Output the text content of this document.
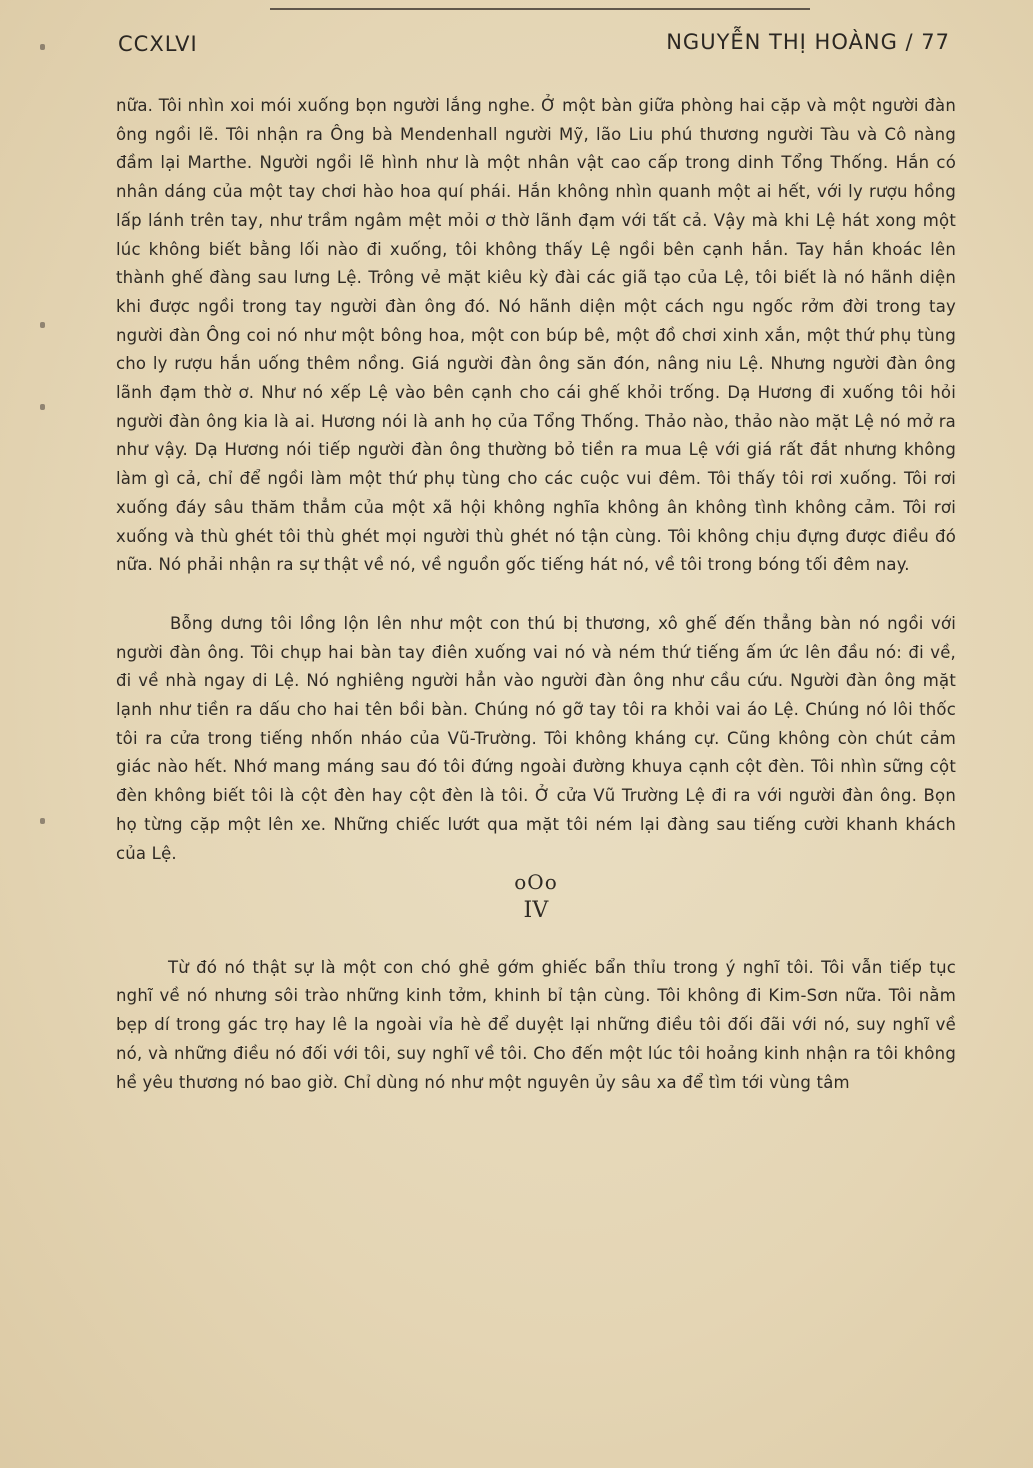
CCXLVI	NGUYỄN THỊ HOÀNG / 77

nữa. Tôi nhìn xoi mói xuống bọn người lắng nghe. Ở một bàn giữa phòng hai cặp và một người đàn ông ngồi lẽ. Tôi nhận ra Ông bà Mendenhall người Mỹ, lão Liu phú thương người Tàu và Cô nàng đầm lại Marthe. Người ngồi lẽ hình như là một nhân vật cao cấp trong dinh Tổng Thống. Hắn có nhân dáng của một tay chơi hào hoa quí phái. Hắn không nhìn quanh một ai hết, với ly rượu hồng lấp lánh trên tay, như trầm ngâm mệt mỏi ơ thờ lãnh đạm với tất cả. Vậy mà khi Lệ hát xong một lúc không biết bằng lối nào đi xuống, tôi không thấy Lệ ngồi bên cạnh hắn. Tay hắn khoác lên thành ghế đàng sau lưng Lệ. Trông vẻ mặt kiêu kỳ đài các giã tạo của Lệ, tôi biết là nó hãnh diện khi được ngồi trong tay người đàn ông đó. Nó hãnh diện một cách ngu ngốc rởm đời trong tay người đàn Ông coi nó như một bông hoa, một con búp bê, một đồ chơi xinh xắn, một thứ phụ tùng cho ly rượu hắn uống thêm nồng. Giá người đàn ông săn đón, nâng niu Lệ. Nhưng người đàn ông lãnh đạm thờ ơ. Như nó xếp Lệ vào bên cạnh cho cái ghế khỏi trống. Dạ Hương đi xuống tôi hỏi người đàn ông kia là ai. Hương nói là anh họ của Tổng Thống. Thảo nào, thảo nào mặt Lệ nó mở ra như vậy. Dạ Hương nói tiếp người đàn ông thường bỏ tiền ra mua Lệ với giá rất đắt nhưng không làm gì cả, chỉ để ngồi làm một thứ phụ tùng cho các cuộc vui đêm. Tôi thấy tôi rơi xuống. Tôi rơi xuống đáy sâu thăm thẳm của một xã hội không nghĩa không ân không tình không cảm. Tôi rơi xuống và thù ghét tôi thù ghét mọi người thù ghét nó tận cùng. Tôi không chịu đựng được điều đó nữa. Nó phải nhận ra sự thật về nó, về nguồn gốc tiếng hát nó, về tôi trong bóng tối đêm nay.

Bỗng dưng tôi lồng lộn lên như một con thú bị thương, xô ghế đến thẳng bàn nó ngồi với người đàn ông. Tôi chụp hai bàn tay điên xuống vai nó và ném thứ tiếng ấm ức lên đầu nó: đi về, đi về nhà ngay di Lệ. Nó nghiêng người hẳn vào người đàn ông như cầu cứu. Người đàn ông mặt lạnh như tiền ra dấu cho hai tên bồi bàn. Chúng nó gỡ tay tôi ra khỏi vai áo Lệ. Chúng nó lôi thốc tôi ra cửa trong tiếng nhốn nháo của Vũ-Trường. Tôi không kháng cự. Cũng không còn chút cảm giác nào hết. Nhớ mang máng sau đó tôi đứng ngoài đường khuya cạnh cột đèn. Tôi nhìn sững cột đèn không biết tôi là cột đèn hay cột đèn là tôi. Ở cửa Vũ Trường Lệ đi ra với người đàn ông. Bọn họ từng cặp một lên xe. Những chiếc lướt qua mặt tôi ném lại đàng sau tiếng cười khanh khách của Lệ.

oOo

IV

Từ đó nó thật sự là một con chó ghẻ gớm ghiếc bẩn thỉu trong ý nghĩ tôi. Tôi vẫn tiếp tục nghĩ về nó nhưng sôi trào những kinh tởm, khinh bỉ tận cùng. Tôi không đi Kim-Sơn nữa. Tôi nằm bẹp dí trong gác trọ hay lê la ngoài vỉa hè để duyệt lại những điều tôi đối đãi với nó, suy nghĩ về nó, và những điều nó đối với tôi, suy nghĩ về tôi. Cho đến một lúc tôi hoảng kinh nhận ra tôi không hề yêu thương nó bao giờ. Chỉ dùng nó như một nguyên ủy sâu xa để tìm tới vùng tâm
